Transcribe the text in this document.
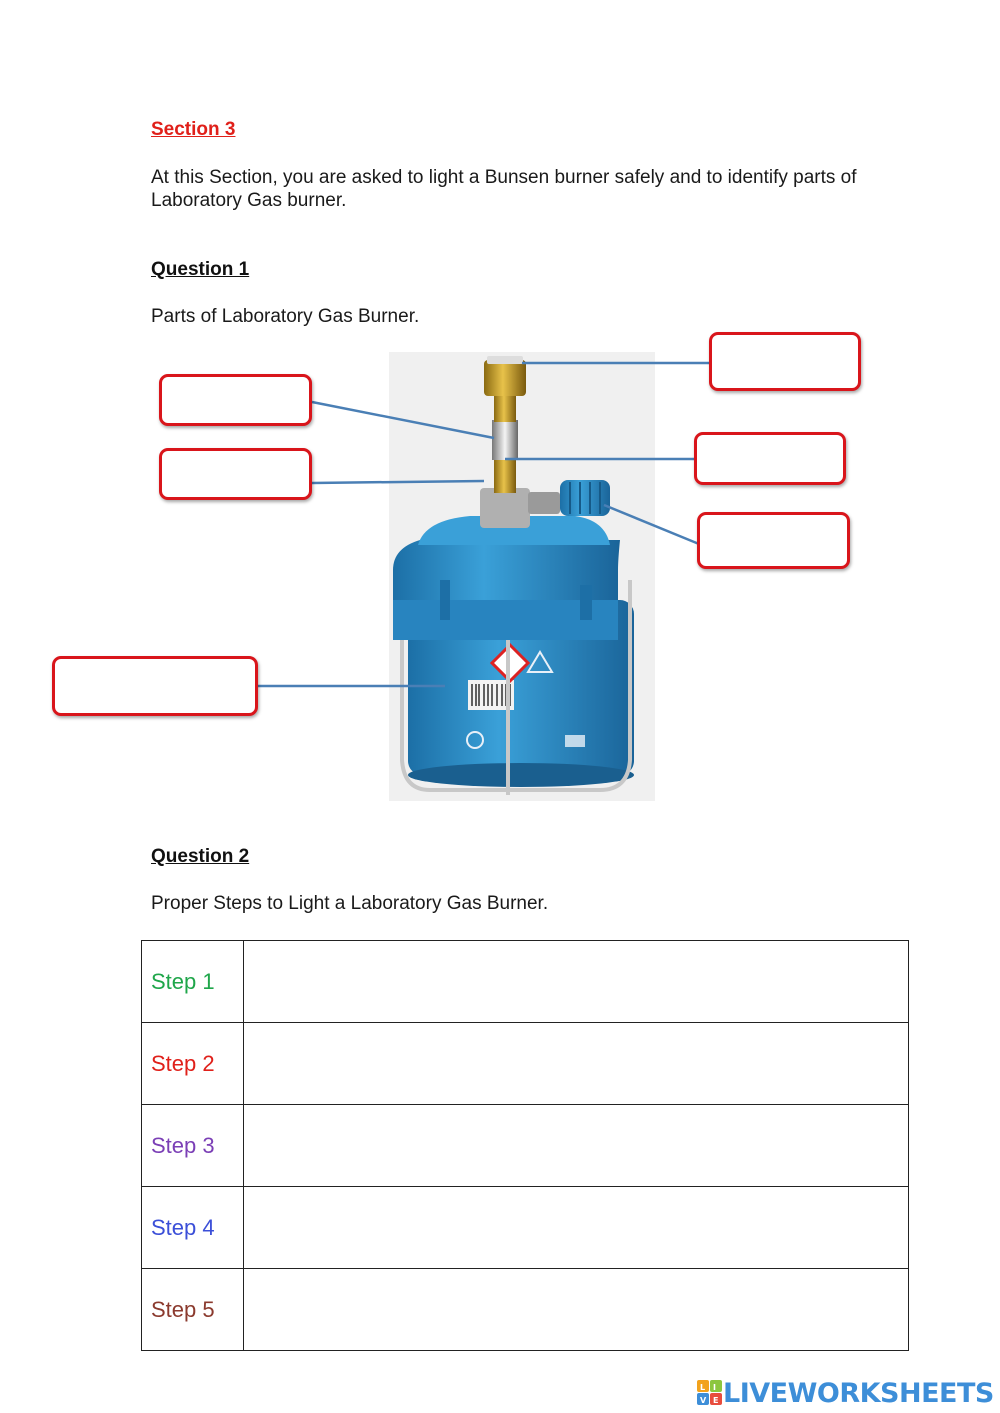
Section 3
At this Section, you are asked to light a Bunsen burner safely and to identify parts of Laboratory Gas burner.
Question 1
Parts of Laboratory Gas Burner.
Question 2
Proper Steps to Light a Laboratory Gas Burner.
Step 1	
Step 2	
Step 3	
Step 4	
Step 5	
L I
V E LIVEWORKSHEETS
